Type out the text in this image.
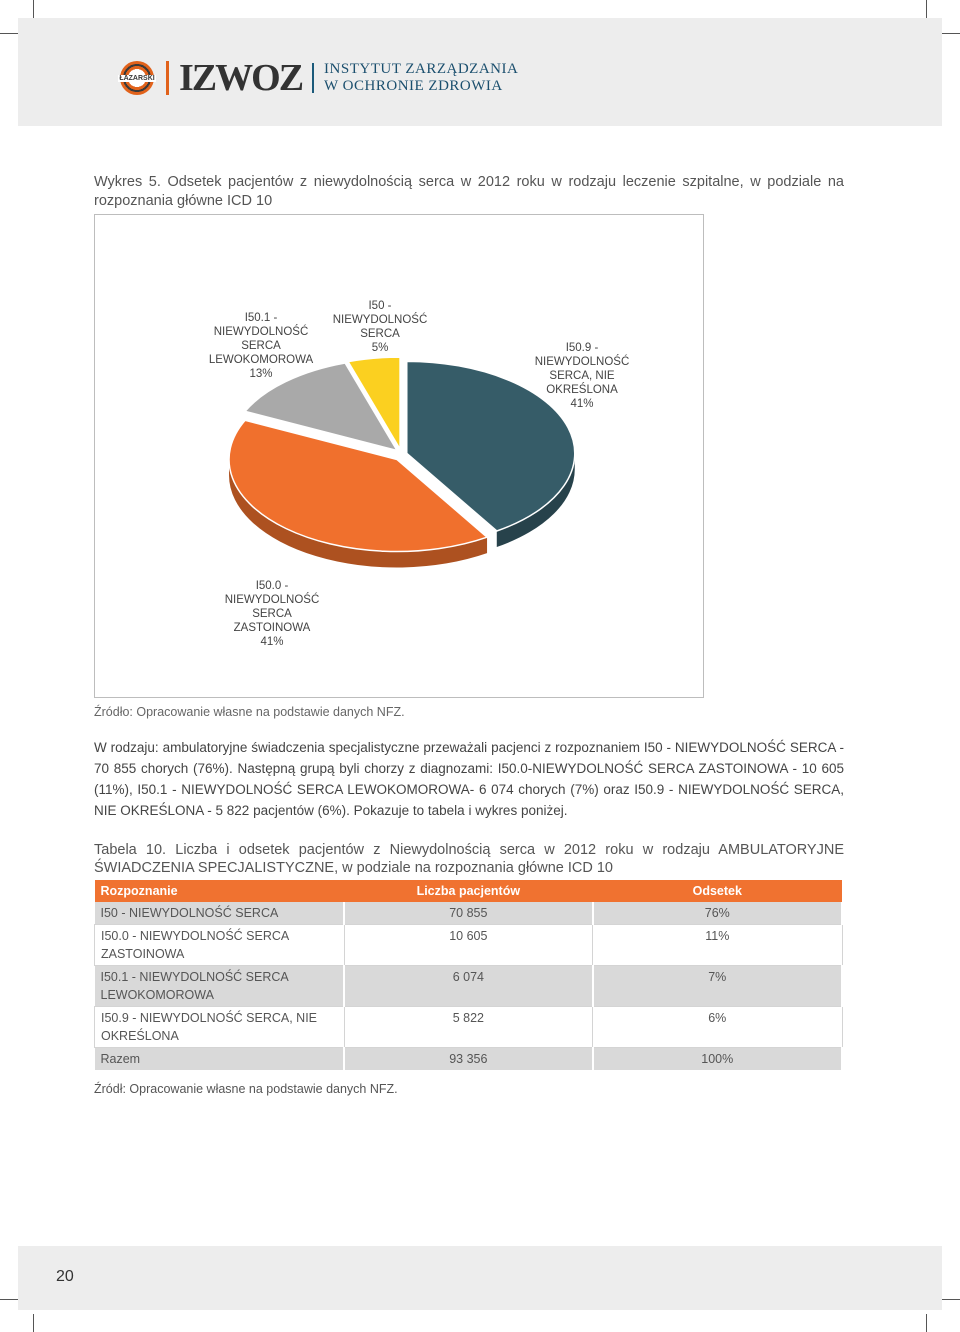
ŁAZARSKI IZWOZ INSTYTUT ZARZĄDZANIA
W OCHRONIE ZDROWIA
Wykres 5. Odsetek pacjentów z niewydolnością serca w 2012 roku w rodzaju leczenie szpitalne, w podziale na rozpoznania główne ICD 10
I50.9 -
NIEWYDOLNOŚĆ
SERCA, NIE
OKREŚLONA
41%
I50.0 -
NIEWYDOLNOŚĆ
SERCA
ZASTOINOWA
41%
I50.1 -
NIEWYDOLNOŚĆ
SERCA
LEWOKOMOROWA
13%
I50 -
NIEWYDOLNOŚĆ
SERCA
5%
Źródło: Opracowanie własne na podstawie danych NFZ.
W rodzaju: ambulatoryjne świadczenia specjalistyczne przeważali pacjenci z rozpoznaniem I50 - NIEWYDOLNOŚĆ SERCA - 70 855 chorych (76%). Następną grupą byli chorzy z diagnozami: I50.0-NIEWYDOLNOŚĆ SERCA ZASTOINOWA - 10 605 (11%), I50.1 - NIEWYDOLNOŚĆ SERCA LEWOKOMOROWA- 6 074 chorych (7%) oraz I50.9 - NIEWYDOLNOŚĆ SERCA, NIE OKREŚLONA - 5 822 pacjentów (6%). Pokazuje to tabela i wykres poniżej.
Tabela 10. Liczba i odsetek pacjentów z Niewydolnością serca w 2012 roku w rodzaju AMBULATORYJNE ŚWIADCZENIA SPECJALISTYCZNE, w podziale na rozpoznania główne ICD 10
Rozpoznanie	Liczba pacjentów	Odsetek
I50 - NIEWYDOLNOŚĆ SERCA	70 855	76%
I50.0 - NIEWYDOLNOŚĆ SERCA ZASTOINOWA	10 605	11%
I50.1 - NIEWYDOLNOŚĆ SERCA LEWOKOMOROWA	6 074	7%
I50.9 - NIEWYDOLNOŚĆ SERCA, NIE OKREŚLONA	5 822	6%
Razem	93 356	100%
Źródł: Opracowanie własne na podstawie danych NFZ.
20
